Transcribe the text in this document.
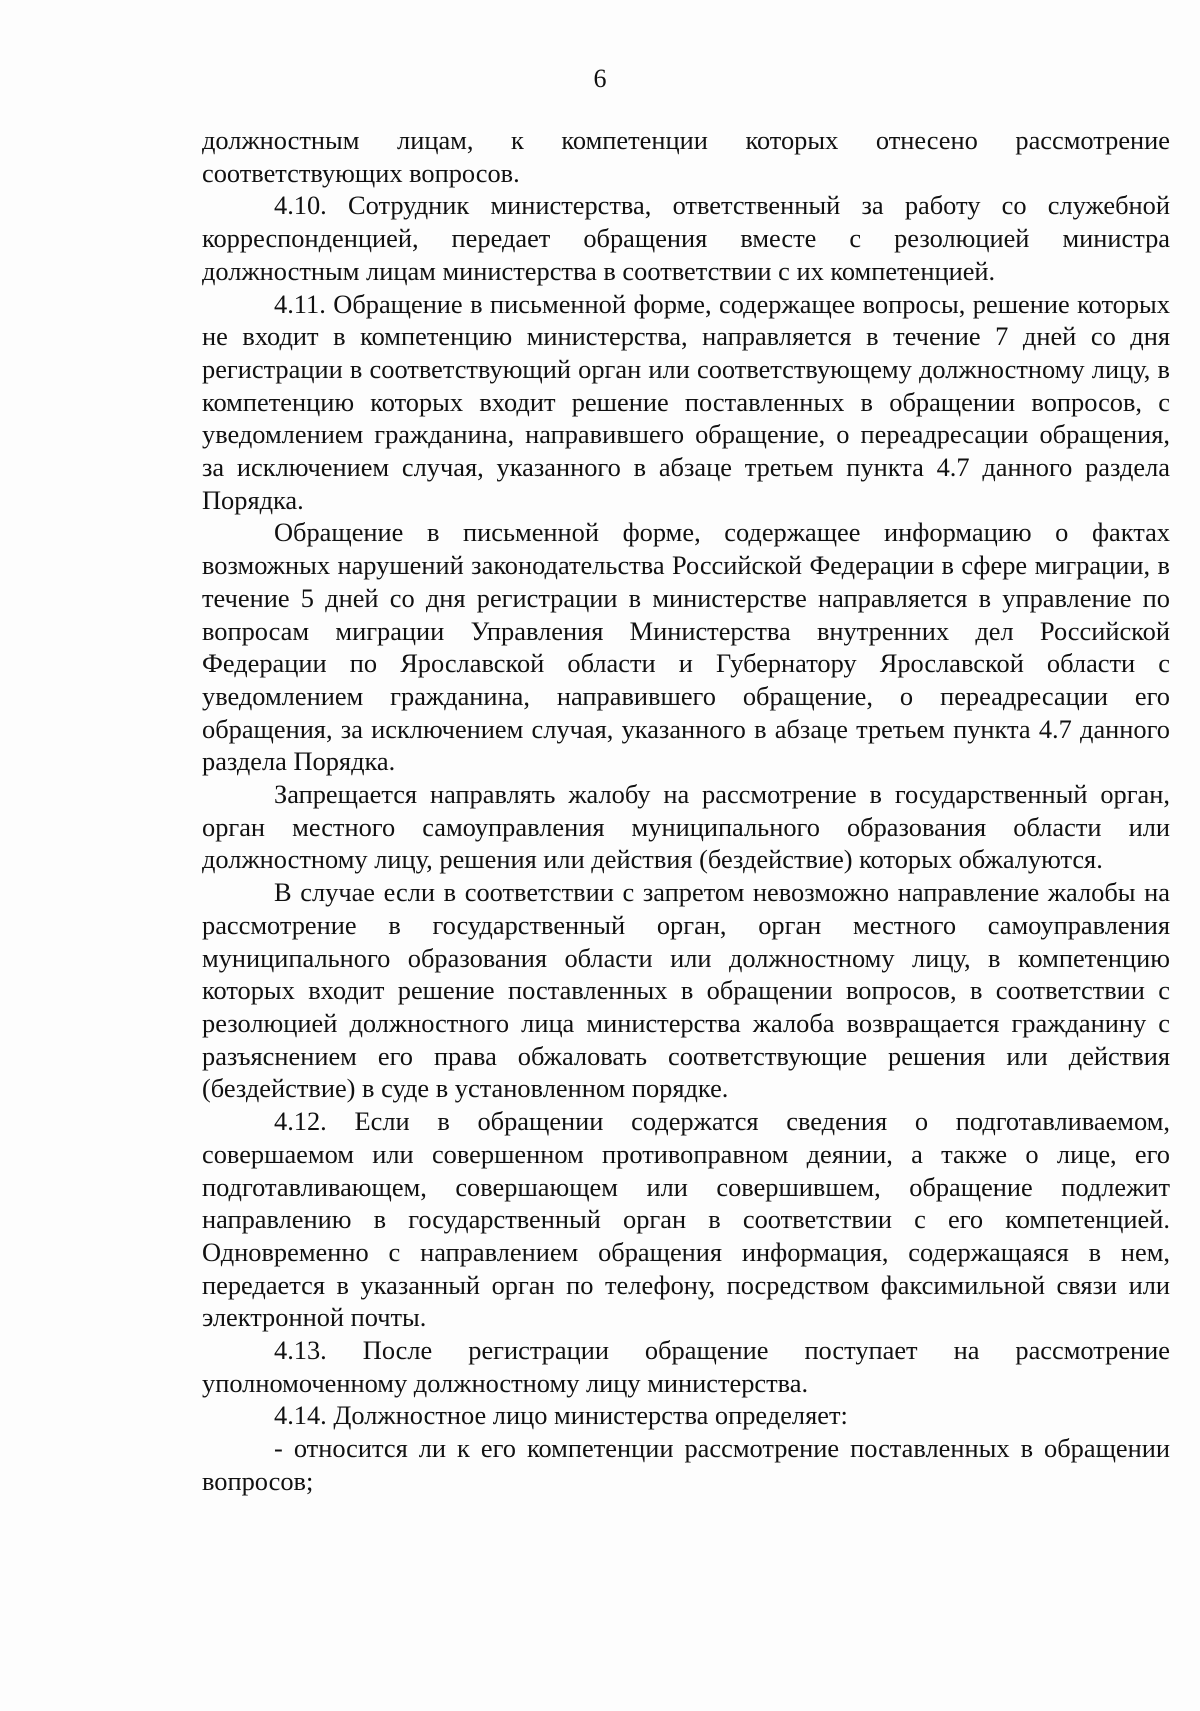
6

должностным лицам, к компетенции которых отнесено рассмотрение соответствующих вопросов.

4.10. Сотрудник министерства, ответственный за работу со служебной корреспонденцией, передает обращения вместе с резолюцией министра должностным лицам министерства в соответствии с их компетенцией.

4.11. Обращение в письменной форме, содержащее вопросы, решение которых не входит в компетенцию министерства, направляется в течение 7 дней со дня регистрации в соответствующий орган или соответствующему должностному лицу, в компетенцию которых входит решение поставленных в обращении вопросов, с уведомлением гражданина, направившего обращение, о переадресации обращения, за исключением случая, указанного в абзаце третьем пункта 4.7 данного раздела Порядка.

Обращение в письменной форме, содержащее информацию о фактах возможных нарушений законодательства Российской Федерации в сфере миграции, в течение 5 дней со дня регистрации в министерстве направляется в управление по вопросам миграции Управления Министерства внутренних дел Российской Федерации по Ярославской области и Губернатору Ярославской области с уведомлением гражданина, направившего обращение, о переадресации его обращения, за исключением случая, указанного в абзаце третьем пункта 4.7 данного раздела Порядка.

Запрещается направлять жалобу на рассмотрение в государственный орган, орган местного самоуправления муниципального образования области или должностному лицу, решения или действия (бездействие) которых обжалуются.

В случае если в соответствии с запретом невозможно направление жалобы на рассмотрение в государственный орган, орган местного самоуправления муниципального образования области или должностному лицу, в компетенцию которых входит решение поставленных в обращении вопросов, в соответствии с резолюцией должностного лица министерства жалоба возвращается гражданину с разъяснением его права обжаловать соответствующие решения или действия (бездействие) в суде в установленном порядке.

4.12. Если в обращении содержатся сведения о подготавливаемом, совершаемом или совершенном противоправном деянии, а также о лице, его подготавливающем, совершающем или совершившем, обращение подлежит направлению в государственный орган в соответствии с его компетенцией. Одновременно с направлением обращения информация, содержащаяся в нем, передается в указанный орган по телефону, посредством факсимильной связи или электронной почты.

4.13. После регистрации обращение поступает на рассмотрение уполномоченному должностному лицу министерства.

4.14. Должностное лицо министерства определяет:

- относится ли к его компетенции рассмотрение поставленных в обращении вопросов;
